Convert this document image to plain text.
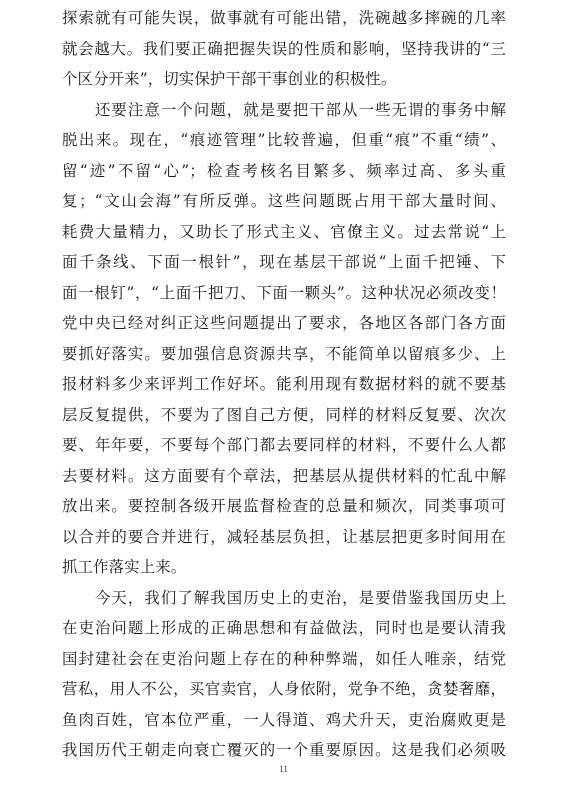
探索就有可能失误，做事就有可能出错，洗碗越多摔碗的几率
就会越大。我们要正确把握失误的性质和影响，坚持我讲的“三
个区分开来”，切实保护干部干事创业的积极性。
　　还要注意一个问题，就是要把干部从一些无谓的事务中解
脱出来。现在，“痕迹管理”比较普遍，但重“痕”不重“绩”、
留“迹”不留“心”；检查考核名目繁多、频率过高、多头重
复；“文山会海”有所反弹。这些问题既占用干部大量时间、
耗费大量精力，又助长了形式主义、官僚主义。过去常说“上
面千条线、下面一根针”，现在基层干部说“上面千把锤、下
面一根钉”，“上面千把刀、下面一颗头”。这种状况必须改变！
党中央已经对纠正这些问题提出了要求，各地区各部门各方面
要抓好落实。要加强信息资源共享，不能简单以留痕多少、上
报材料多少来评判工作好坏。能利用现有数据材料的就不要基
层反复提供，不要为了图自己方便，同样的材料反复要、次次
要、年年要，不要每个部门都去要同样的材料，不要什么人都
去要材料。这方面要有个章法，把基层从提供材料的忙乱中解
放出来。要控制各级开展监督检查的总量和频次，同类事项可
以合并的要合并进行，减轻基层负担，让基层把更多时间用在
抓工作落实上来。
　　今天，我们了解我国历史上的吏治，是要借鉴我国历史上
在吏治问题上形成的正确思想和有益做法，同时也是要认清我
国封建社会在吏治问题上存在的种种弊端，如任人唯亲，结党
营私，用人不公，买官卖官，人身依附，党争不绝，贪婪奢靡，
鱼肉百姓，官本位严重，一人得道、鸡犬升天，吏治腐败更是
我国历代王朝走向衰亡覆灭的一个重要原因。这是我们必须吸
11
